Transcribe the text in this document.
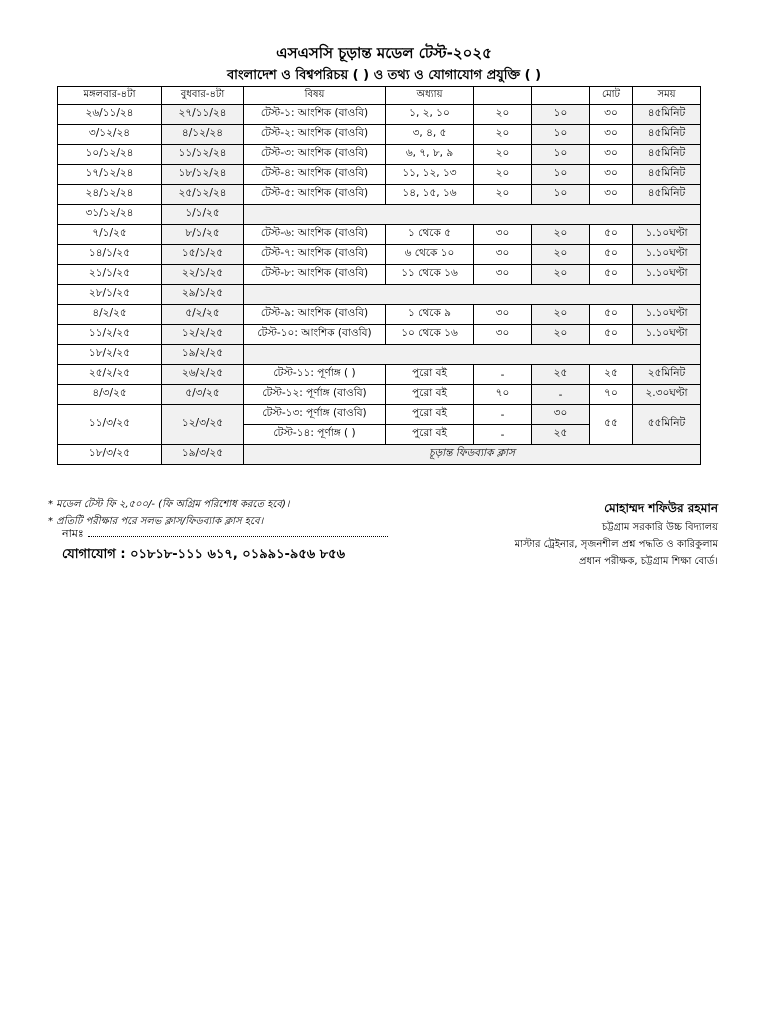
এসএসসি চূড়ান্ত মডেল টেস্ট-২০২৫
বাংলাদেশ ও বিশ্বপরিচয় ( ) ও তথ্য ও যোগাযোগ প্রযুক্তি ( )
মঙ্গলবার-৪টা	বুধবার-৪টা	বিষয়	অধ্যায়			মোট	সময়
২৬/১১/২৪	২৭/১১/২৪	টেস্ট-১: আংশিক (বাওবি)	১, ২, ১০	২০	১০	৩০	৪৫মিনিট
৩/১২/২৪	৪/১২/২৪	টেস্ট-২: আংশিক (বাওবি)	৩, ৪, ৫	২০	১০	৩০	৪৫মিনিট
১০/১২/২৪	১১/১২/২৪	টেস্ট-৩: আংশিক (বাওবি)	৬, ৭, ৮, ৯	২০	১০	৩০	৪৫মিনিট
১৭/১২/২৪	১৮/১২/২৪	টেস্ট-৪: আংশিক (বাওবি)	১১, ১২, ১৩	২০	১০	৩০	৪৫মিনিট
২৪/১২/২৪	২৫/১২/২৪	টেস্ট-৫: আংশিক (বাওবি)	১৪, ১৫, ১৬	২০	১০	৩০	৪৫মিনিট
৩১/১২/২৪	১/১/২৫						
৭/১/২৫	৮/১/২৫	টেস্ট-৬: আংশিক (বাওবি)	১ থেকে ৫	৩০	২০	৫০	১.১০ঘণ্টা
১৪/১/২৫	১৫/১/২৫	টেস্ট-৭: আংশিক (বাওবি)	৬ থেকে ১০	৩০	২০	৫০	১.১০ঘণ্টা
২১/১/২৫	২২/১/২৫	টেস্ট-৮: আংশিক (বাওবি)	১১ থেকে ১৬	৩০	২০	৫০	১.১০ঘণ্টা
২৮/১/২৫	২৯/১/২৫						
৪/২/২৫	৫/২/২৫	টেস্ট-৯: আংশিক (বাওবি)	১ থেকে ৯	৩০	২০	৫০	১.১০ঘণ্টা
১১/২/২৫	১২/২/২৫	টেস্ট-১০: আংশিক (বাওবি)	১০ থেকে ১৬	৩০	২০	৫০	১.১০ঘণ্টা
১৮/২/২৫	১৯/২/২৫						
২৫/২/২৫	২৬/২/২৫	টেস্ট-১১: পূর্ণাঙ্গ ( )	পুরো বই	-	২৫	২৫	২৫মিনিট
৪/৩/২৫	৫/৩/২৫	টেস্ট-১২: পূর্ণাঙ্গ (বাওবি)	পুরো বই	৭০	-	৭০	২.৩০ঘণ্টা
১১/৩/২৫	১২/৩/২৫	টেস্ট-১৩: পূর্ণাঙ্গ (বাওবি)	পুরো বই	-	৩০	৫৫	৫৫মিনিট
		টেস্ট-১৪: পূর্ণাঙ্গ ( )	পুরো বই	-	২৫		
১৮/৩/২৫	১৯/৩/২৫	চূড়ান্ত ফিডব্যাক ক্লাস					
* মডেল টেস্ট ফি ২,৫০০/- (ফি অগ্রিম পরিশোধ করতে হবে)।
* প্রতিটি পরীক্ষার পরে সলভ ক্লাস/ফিডব্যাক ক্লাস হবে।
নামঃ
যোগাযোগ : ০১৮১৮-১১১ ৬১৭, ০১৯৯১-৯৫৬ ৮৫৬
মোহাম্মদ শফিউর রহমান
চট্টগ্রাম সরকারি উচ্চ বিদ্যালয়
মাস্টার ট্রেইনার, সৃজনশীল প্রশ্ন পদ্ধতি ও কারিকুলাম
প্রধান পরীক্ষক, চট্টগ্রাম শিক্ষা বোর্ড।
